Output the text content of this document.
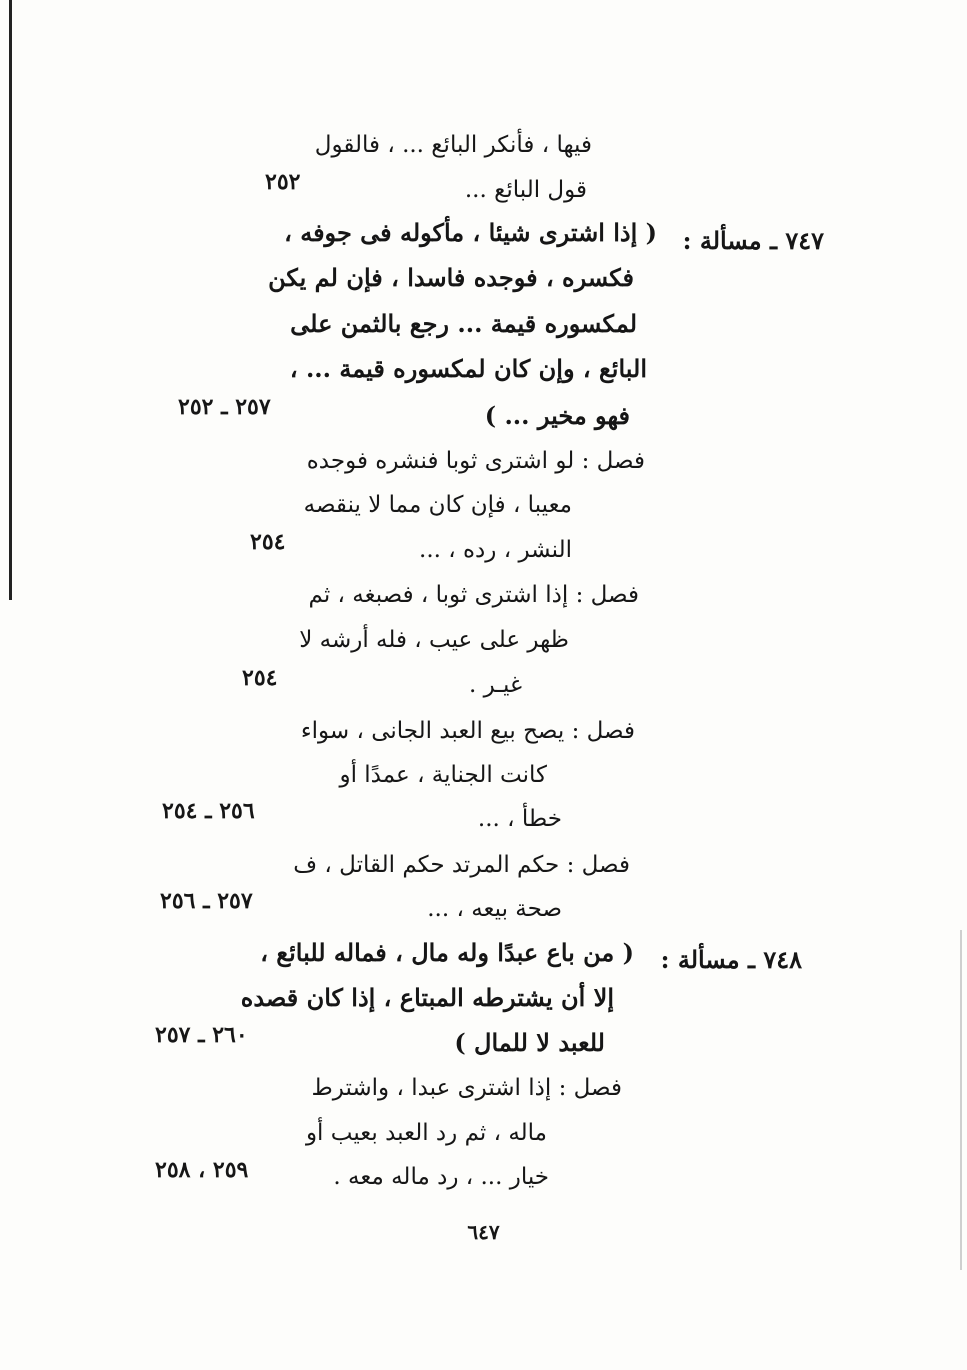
فيها ، فأنكر البائع ... ، فالقول
قول البائع ...
٢٥٢
٧٤٧ ـ مسألة :
( إذا اشترى شيئا ، مأكوله فى جوفه ،
فكسره ، فوجده فاسدا ، فإن لم يكن
لمكسوره قيمة ... رجع بالثمن على
البائع ، وإن كان لمكسوره قيمة ... ،
فهو مخير ... )
٢٥٧ ـ ٢٥٢
فصل : لو اشترى ثوبا فنشره فوجده
معيبا ، فإن كان مما لا ينقصه
النشر ، رده ، ...
٢٥٤
فصل : إذا اشترى ثوبا ، فصبغه ، ثم
ظهر على عيب ، فله أرشه لا
غيـر .
٢٥٤
فصل : يصح بيع العبد الجانى ، سواء
كانت الجناية ، عمدًا أو
خطأ ، ...
٢٥٦ ـ ٢٥٤
فصل : حكم المرتد حكم القاتل ، ف
صحة بيعه ، ...
٢٥٧ ـ ٢٥٦
٧٤٨ ـ مسألة :
( من باع عبدًا وله مال ، فماله للبائع ،
إلا أن يشترطه المبتاع ، إذا كان قصده
للعبد لا للمال )
٢٦٠ ـ ٢٥٧
فصل : إذا اشترى عبدا ، واشترط
ماله ، ثم رد العبد بعيب أو
خيار ... ، رد ماله معه .
٢٥٩ ، ٢٥٨
٦٤٧
